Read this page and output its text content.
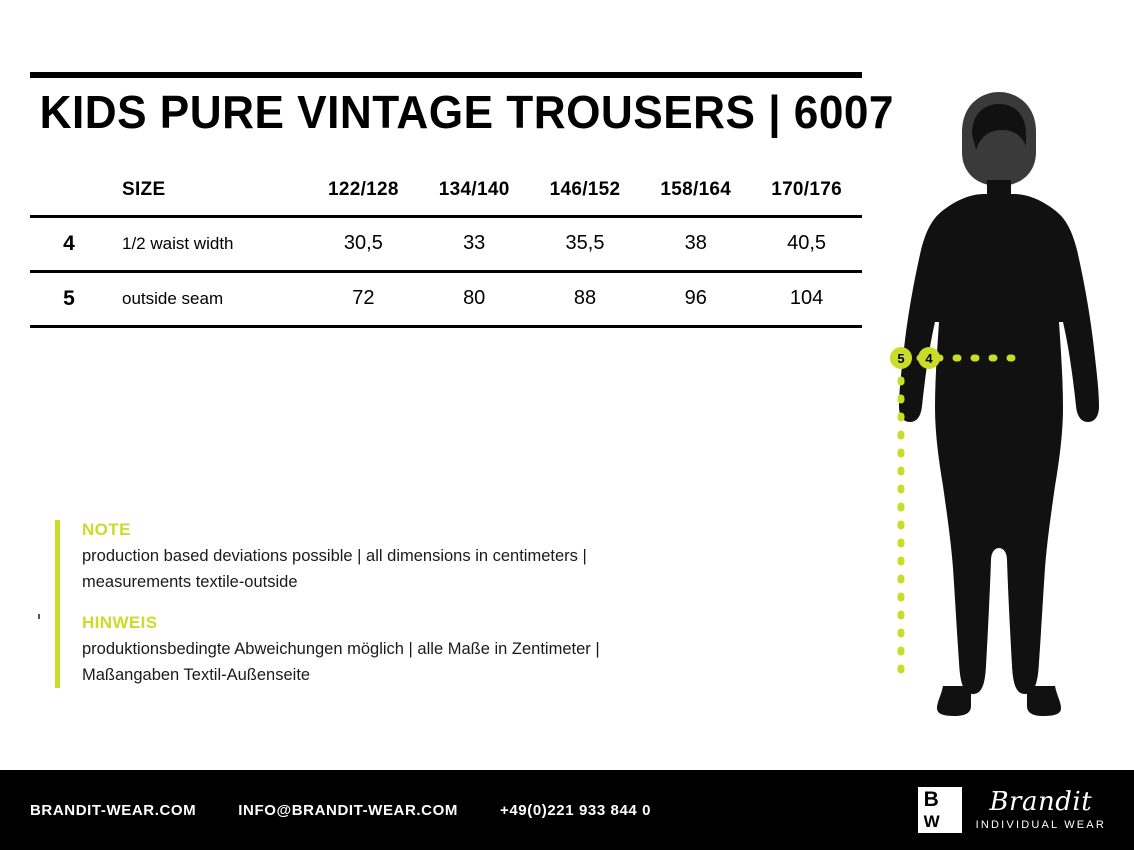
KIDS PURE VINTAGE TROUSERS | 6007
	SIZE	122/128	134/140	146/152	158/164	170/176
4	1/2 waist width	30,5	33	35,5	38	40,5
5	outside seam	72	80	88	96	104
NOTE
production based deviations possible | all dimensions in centimeters |
measurements textile-outside
HINWEIS
produktionsbedingte Abweichungen möglich | alle Maße in Zentimeter |
Maßangaben Textil-Außenseite
5 4
BRANDIT-WEAR.COM	INFO@BRANDIT-WEAR.COM	+49(0)221 933 844 0	B
W
Brandit
INDIVIDUAL WEAR
